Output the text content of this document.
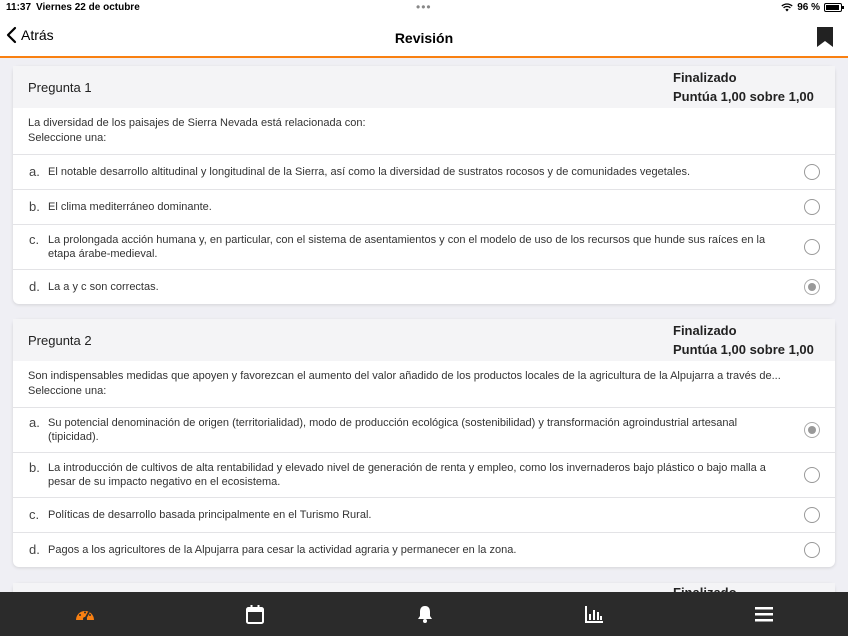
11:37 Viernes 22 de octubre	•••	96 %
Atrás	Revisión
Pregunta 1
Finalizado
Puntúa 1,00 sobre 1,00
La diversidad de los paisajes de Sierra Nevada está relacionada con:
Seleccione una:
a. El notable desarrollo altitudinal y longitudinal de la Sierra, así como la diversidad de sustratos rocosos y de comunidades vegetales.
b. El clima mediterráneo dominante.
c. La prolongada acción humana y, en particular, con el sistema de asentamientos y con el modelo de uso de los recursos que hunde sus raíces en la etapa árabe-medieval.
d. La a y c son correctas.
Pregunta 2
Finalizado
Puntúa 1,00 sobre 1,00
Son indispensables medidas que apoyen y favorezcan el aumento del valor añadido de los productos locales de la agricultura de la Alpujarra a través de...
Seleccione una:
a. Su potencial denominación de origen (territorialidad), modo de producción ecológica (sostenibilidad) y transformación agroindustrial artesanal (tipicidad).
b. La introducción de cultivos de alta rentabilidad y elevado nivel de generación de renta y empleo, como los invernaderos bajo plástico o bajo malla a pesar de su impacto negativo en el ecosistema.
c. Políticas de desarrollo basada principalmente en el Turismo Rural.
d. Pagos a los agricultores de la Alpujarra para cesar la actividad agraria y permanecer en la zona.
